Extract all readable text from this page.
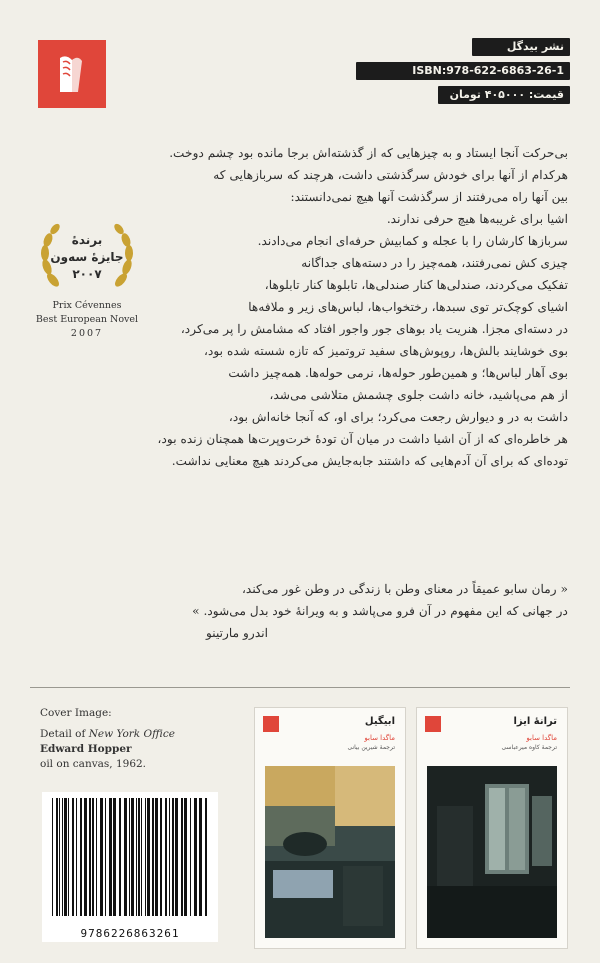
نشر بیدگل
ISBN:978-622-6863-26-1
قیمت: ۴۰۵۰۰۰ تومان
برندهٔ
جایزهٔ سه‌ون
۲۰۰۷
Prix Cévennes
Best European Novel
2007

بی‌حرکت آنجا ایستاد و به چیزهایی که از گذشته‌اش برجا مانده بود چشم دوخت.

هرکدام از آنها برای خودش سرگذشتی داشت، هرچند که سربازهایی که

بین آنها راه می‌رفتند از سرگذشت آنها هیچ نمی‌دانستند:

اشیا برای غریبه‌ها هیچ حرفی ندارند.

سربازها کارشان را با عجله و کمابیش حرفه‌ای انجام می‌دادند.

چیزی کش نمی‌رفتند، همه‌چیز را در دسته‌های جداگانه

تفکیک می‌کردند، صندلی‌ها کنار صندلی‌ها، تابلوها کنار تابلوها،

اشیای کوچک‌تر توی سبدها، رختخواب‌ها، لباس‌های زیر و ملافه‌ها

در دسته‌ای مجزا. هنریت یاد بوهای جور واجور افتاد که مشامش را پر می‌کرد،

بوی خوشایند بالش‌ها، روپوش‌های سفید تروتمیز که تازه شسته شده بود،

بوی آهار لباس‌ها؛ و همین‌طور حوله‌ها، نرمی حوله‌ها. همه‌چیز داشت

از هم می‌پاشید، خانه داشت جلوی چشمش متلاشی می‌شد،

داشت به در و دیوارش رجعت می‌کرد؛ برای او، که آنجا خانه‌اش بود،

هر خاطره‌ای که از آن اشیا داشت در میان آن تودهٔ خرت‌وپرت‌ها همچنان زنده بود،

توده‌ای که برای آن آدم‌هایی که داشتند جابه‌جایش می‌کردند هیچ معنایی نداشت.

« رمان سابو عمیقاً در معنای وطن با زندگی در وطن غور می‌کند،

در جهانی که این مفهوم در آن فرو می‌پاشد و به ویرانهٔ خود بدل می‌شود. »

اندرو مارتینو

Cover Image:
Detail of New York Office
Edward Hopper
oil on canvas, 1962.
9786226863261
ابیگیل
ماگدا سابو
ترجمهٔ شیرین بیانی
ترانهٔ ایزا
ماگدا سابو
ترجمهٔ کاوه میرعباسی
